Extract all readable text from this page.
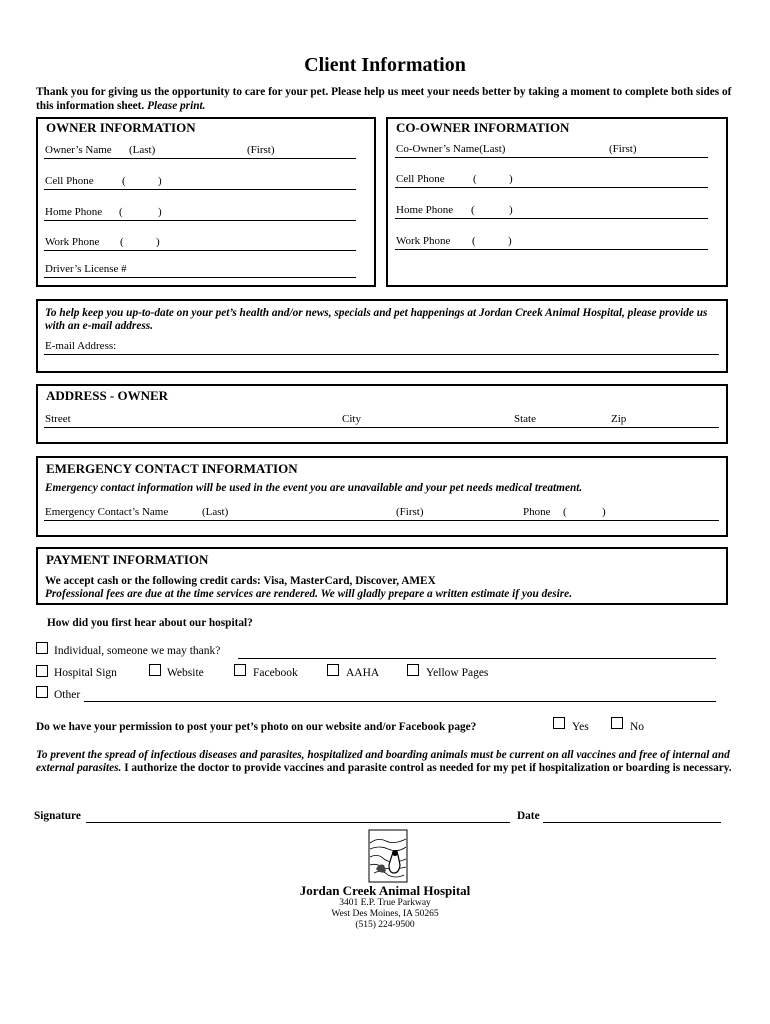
Client Information
Thank you for giving us the opportunity to care for your pet. Please help us meet your needs better by taking a moment to complete both sides of this information sheet. Please print.
OWNER INFORMATION
Owner’s Name (Last)	(First)
Cell Phone	(	)
Home Phone (	)
Work Phone (	)
Driver’s License #
CO-OWNER INFORMATION
Co-Owner’s Name(Last)	(First)
Cell Phone	(	)
Home Phone (	)
Work Phone (	)
To help keep you up-to-date on your pet’s health and/or news, specials and pet happenings at Jordan Creek Animal Hospital, please provide us with an e-mail address.
E-mail Address:
ADDRESS - OWNER
Street	City	State	Zip
EMERGENCY CONTACT INFORMATION
Emergency contact information will be used in the event you are unavailable and your pet needs medical treatment.
Emergency Contact’s Name	(Last)	(First)	Phone (	)
PAYMENT INFORMATION
We accept cash or the following credit cards: Visa, MasterCard, Discover, AMEX
Professional fees are due at the time services are rendered. We will gladly prepare a written estimate if you desire.
How did you first hear about our hospital?
Individual, someone we may thank?
Hospital Sign	Website	Facebook	AAHA	Yellow Pages
Other
Do we have your permission to post your pet’s photo on our website and/or Facebook page?	Yes	No
To prevent the spread of infectious diseases and parasites, hospitalized and boarding animals must be current on all vaccines and free of internal and external parasites. I authorize the doctor to provide vaccines and parasite control as needed for my pet if hospitalization or boarding is necessary.
Signature	Date
Jordan Creek Animal Hospital
3401 E.P. True Parkway
West Des Moines, IA 50265
(515) 224-9500
